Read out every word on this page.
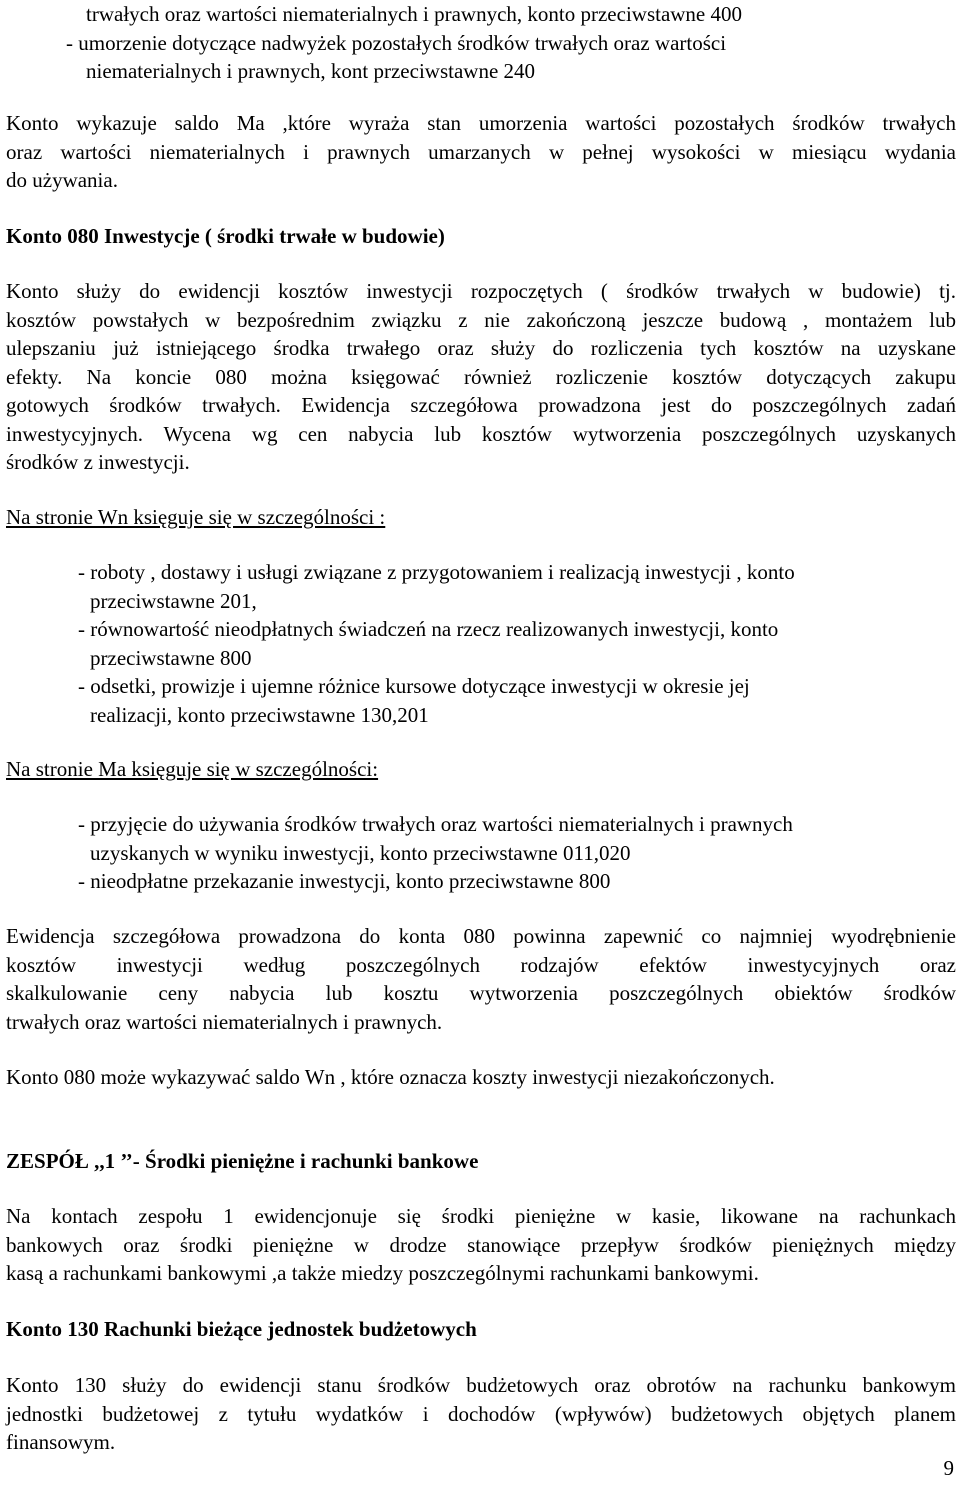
trwałych oraz wartości niematerialnych i prawnych, konto przeciwstawne 400
- umorzenie dotyczące nadwyżek pozostałych środków trwałych oraz wartości
niematerialnych i prawnych, kont przeciwstawne 240
Konto wykazuje saldo Ma ,które wyraża stan umorzenia wartości pozostałych środków trwałych
oraz wartości niematerialnych i prawnych umarzanych w pełnej wysokości w miesiącu wydania
do używania.
Konto 080 Inwestycje ( środki trwałe w budowie)
Konto służy do ewidencji kosztów inwestycji rozpoczętych ( środków trwałych w budowie) tj.
kosztów powstałych w bezpośrednim związku z nie zakończoną jeszcze budową , montażem lub
ulepszaniu już istniejącego środka trwałego oraz służy do rozliczenia tych kosztów na uzyskane
efekty. Na koncie 080 można księgować również rozliczenie kosztów dotyczących zakupu
gotowych środków trwałych. Ewidencja szczegółowa prowadzona jest do poszczególnych zadań
inwestycyjnych. Wycena wg cen nabycia lub kosztów wytworzenia poszczególnych uzyskanych
środków z inwestycji.
Na stronie Wn księguje się w szczególności :
- roboty , dostawy i usługi związane z przygotowaniem i realizacją inwestycji , konto
przeciwstawne 201,
- równowartość nieodpłatnych świadczeń na rzecz realizowanych inwestycji, konto
przeciwstawne 800
- odsetki, prowizje i ujemne różnice kursowe dotyczące inwestycji w okresie jej
realizacji, konto przeciwstawne 130,201
Na stronie Ma księguje się w szczególności:
- przyjęcie do używania środków trwałych oraz wartości niematerialnych i prawnych
uzyskanych w wyniku inwestycji, konto przeciwstawne 011,020
- nieodpłatne przekazanie inwestycji, konto przeciwstawne 800
Ewidencja szczegółowa prowadzona do konta 080 powinna zapewnić co najmniej wyodrębnienie
kosztów inwestycji według poszczególnych rodzajów efektów inwestycyjnych oraz
skalkulowanie ceny nabycia lub kosztu wytworzenia poszczególnych obiektów środków
trwałych oraz wartości niematerialnych i prawnych.
Konto 080 może wykazywać saldo Wn , które oznacza koszty inwestycji niezakończonych.
ZESPÓŁ ,,1 ’’- Środki pieniężne i rachunki bankowe
Na kontach zespołu 1 ewidencjonuje się środki pieniężne w kasie, likowane na rachunkach
bankowych oraz środki pieniężne w drodze stanowiące przepływ środków pieniężnych między
kasą a rachunkami bankowymi ,a także miedzy poszczególnymi rachunkami bankowymi.
Konto 130 Rachunki bieżące jednostek budżetowych
Konto 130 służy do ewidencji stanu środków budżetowych oraz obrotów na rachunku bankowym
jednostki budżetowej z tytułu wydatków i dochodów (wpływów) budżetowych objętych planem
finansowym.
9
